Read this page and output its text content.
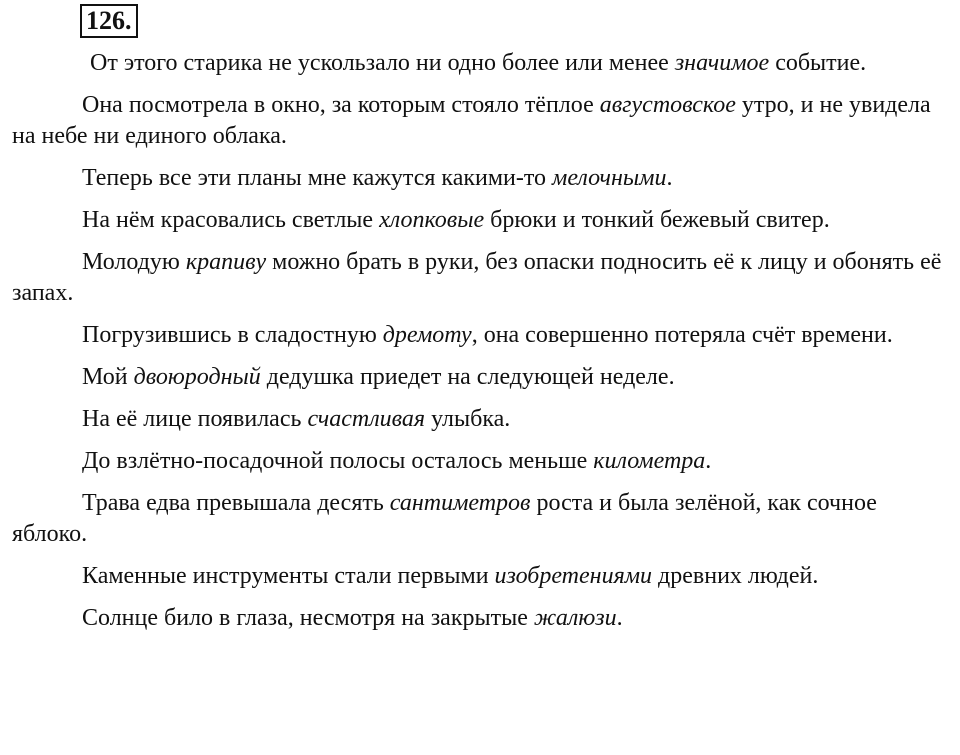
126.

От этого старика не ускользало ни одно более или менее значимое событие.

Она посмотрела в окно, за которым стояло тёплое августовское утро, и не увидела на небе ни единого облака.

Теперь все эти планы мне кажутся какими-то мелочными.

На нём красовались светлые хлопковые брюки и тонкий бежевый свитер.

Молодую крапиву можно брать в руки, без опаски подносить её к лицу и обонять её запах.

Погрузившись в сладостную дремоту, она совершенно потеряла счёт времени.

Мой двоюродный дедушка приедет на следующей неделе.

На её лице появилась счастливая улыбка.

До взлётно-посадочной полосы осталось меньше километра.

Трава едва превышала десять сантиметров роста и была зелёной, как сочное яблоко.

Каменные инструменты стали первыми изобретениями древних людей.

Солнце било в глаза, несмотря на закрытые жалюзи.
